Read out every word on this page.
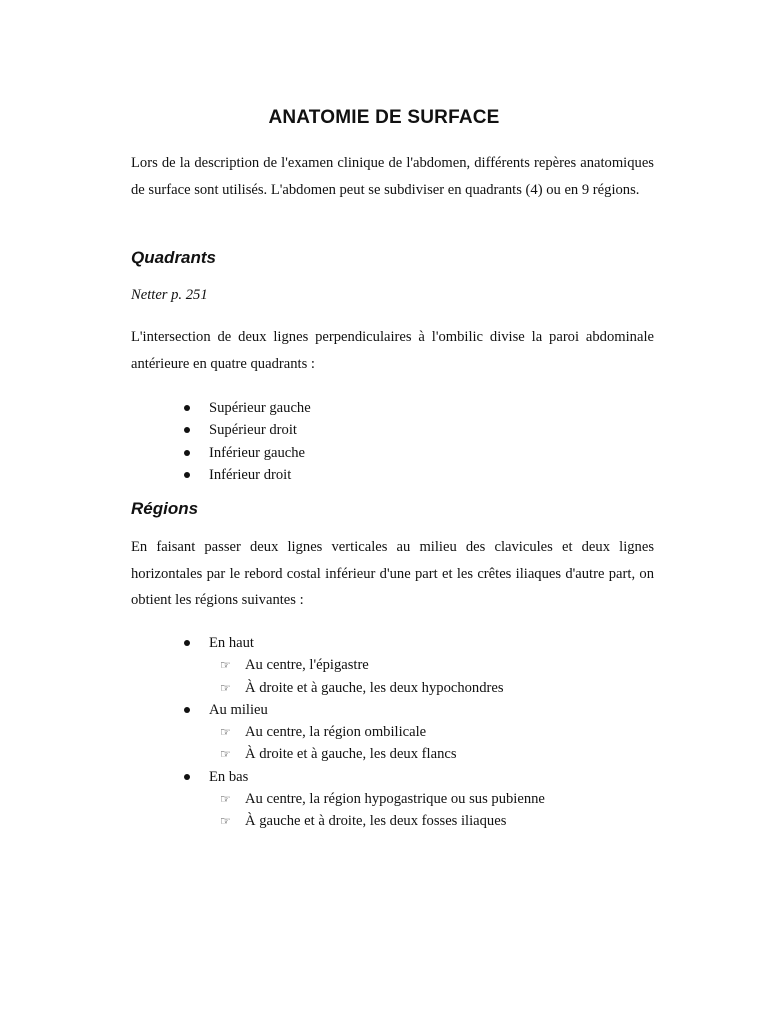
ANATOMIE DE SURFACE

Lors de la description de l'examen clinique de l'abdomen, différents repères anatomiques de surface sont utilisés. L'abdomen peut se subdiviser en quadrants (4) ou en 9 régions.

Quadrants

Netter p. 251

L'intersection de deux lignes perpendiculaires à l'ombilic divise la paroi abdominale antérieure en quatre quadrants :

Supérieur gauche
Supérieur droit
Inférieur gauche
Inférieur droit
Régions

En faisant passer deux lignes verticales au milieu des clavicules et deux lignes horizontales par le rebord costal inférieur d'une part et les crêtes iliaques d'autre part, on obtient les régions suivantes :

En haut
☞ Au centre, l'épigastre
☞ À droite et à gauche, les deux hypochondres
Au milieu
☞ Au centre, la région ombilicale
☞ À droite et à gauche, les deux flancs
En bas
☞ Au centre, la région hypogastrique ou sus pubienne
☞ À gauche et à droite, les deux fosses iliaques
